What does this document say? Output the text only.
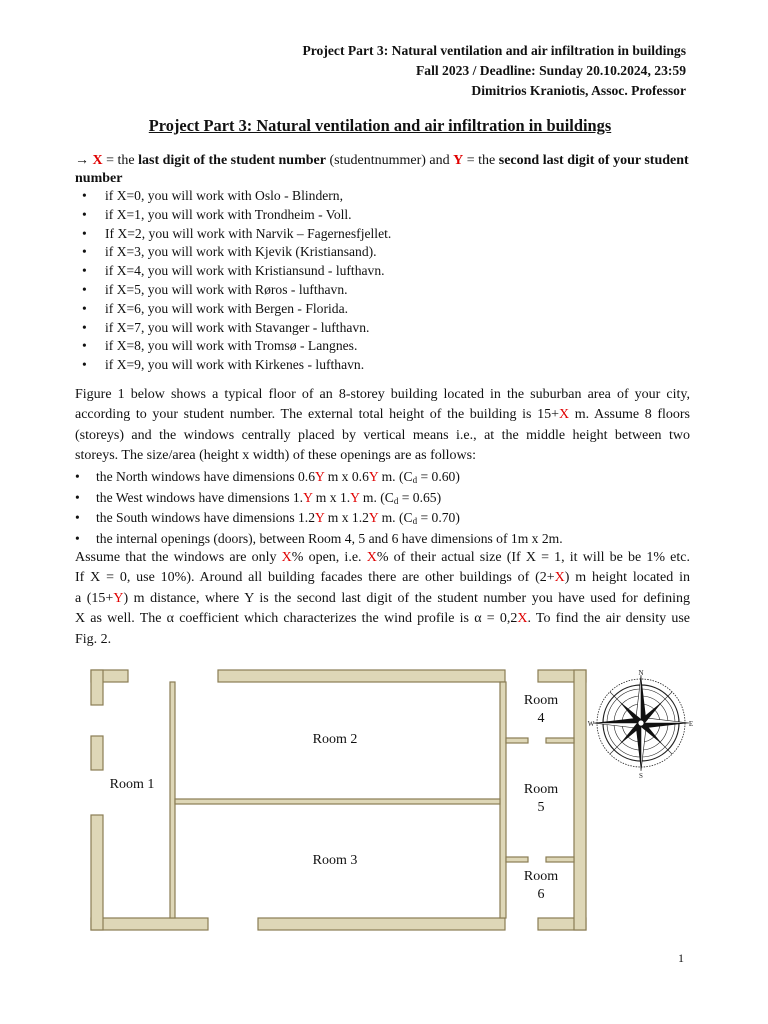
Project Part 3: Natural ventilation and air infiltration in buildings
Fall 2023 / Deadline: Sunday 20.10.2024, 23:59
Dimitrios Kraniotis, Assoc. Professor
Project Part 3: Natural ventilation and air infiltration in buildings
→ X = the last digit of the student number (studentnummer) and Y = the second last digit of your student number
• if X=0, you will work with Oslo - Blindern,
• if X=1, you will work with Trondheim - Voll.
• If X=2, you will work with Narvik – Fagernesfjellet.
• if X=3, you will work with Kjevik (Kristiansand).
• if X=4, you will work with Kristiansund - lufthavn.
• if X=5, you will work with Røros - lufthavn.
• if X=6, you will work with Bergen - Florida.
• if X=7, you will work with Stavanger - lufthavn.
• if X=8, you will work with Tromsø - Langnes.
• if X=9, you will work with Kirkenes - lufthavn.
Figure 1 below shows a typical floor of an 8-storey building located in the suburban area of your city,
according to your student number. The external total height of the building is 15+X m. Assume 8 floors
(storeys) and the windows centrally placed by vertical means i.e., at the middle height between two
storeys. The size/area (height x width) of these openings are as follows:
• the North windows have dimensions 0.6Y m x 0.6Y m. $(C_d = 0.60)$
• the West windows have dimensions 1.Y m x 1.Y m. $(C_d = 0.65)$
• the South windows have dimensions 1.2Y m x 1.2Y m. $(C_d = 0.70)$
• the internal openings (doors), between Room 4, 5 and 6 have dimensions of 1m x 2m.
Assume that the windows are only X% open, i.e. X% of their actual size (If X = 1, it will be be 1% etc.
If X = 0, use 10%). Around all building facades there are other buildings of (2+X) m height located in
a (15+Y) m distance, where Y is the second last digit of the student number you have used for defining
X as well. The α coefficient which characterizes the wind profile is α = 0,2X. To find the air density use
Fig. 2.
N
S
E
W
Room 1
Room 2
Room 3
Room
4
Room
5
Room
6
1
